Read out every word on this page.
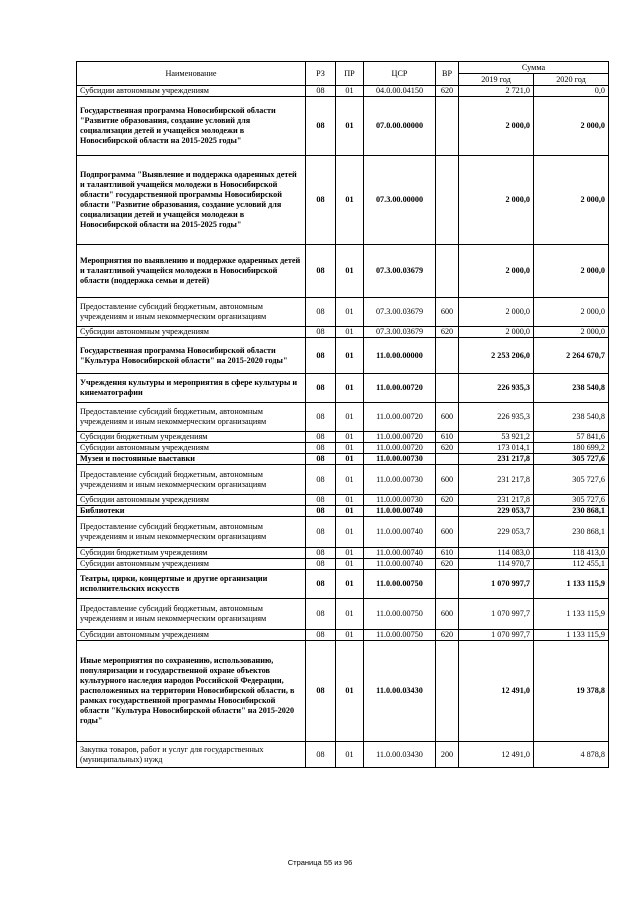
Наименование	РЗ	ПР	ЦСР	ВР	Сумма	
					2019 год	2020 год
Субсидии автономным учреждениям	08	01	04.0.00.04150	620	2 721,0	0,0
Государственная программа Новосибирской области "Развитие образования, создание условий для социализации детей и учащейся молодежи в Новосибирской области на 2015-2025 годы"	08	01	07.0.00.00000		2 000,0	2 000,0
Подпрограмма "Выявление и поддержка одаренных детей и талантливой учащейся молодежи в Новосибирской области" государственной программы Новосибирской области "Развитие образования, создание условий для социализации детей и учащейся молодежи в Новосибирской области на 2015-2025 годы"	08	01	07.3.00.00000		2 000,0	2 000,0
Мероприятия по выявлению и поддержке одаренных детей и талантливой учащейся молодежи в Новосибирской области (поддержка семьи и детей)	08	01	07.3.00.03679		2 000,0	2 000,0
Предоставление субсидий бюджетным, автономным учреждениям и иным некоммерческим организациям	08	01	07.3.00.03679	600	2 000,0	2 000,0
Субсидии автономным учреждениям	08	01	07.3.00.03679	620	2 000,0	2 000,0
Государственная программа Новосибирской области "Культура Новосибирской области" на 2015-2020 годы"	08	01	11.0.00.00000		2 253 206,0	2 264 670,7
Учреждения культуры и мероприятия в сфере культуры и кинематографии	08	01	11.0.00.00720		226 935,3	238 540,8
Предоставление субсидий бюджетным, автономным учреждениям и иным некоммерческим организациям	08	01	11.0.00.00720	600	226 935,3	238 540,8
Субсидии бюджетным учреждениям	08	01	11.0.00.00720	610	53 921,2	57 841,6
Субсидии автономным учреждениям	08	01	11.0.00.00720	620	173 014,1	180 699,2
Музеи и постоянные выставки	08	01	11.0.00.00730		231 217,8	305 727,6
Предоставление субсидий бюджетным, автономным учреждениям и иным некоммерческим организациям	08	01	11.0.00.00730	600	231 217,8	305 727,6
Субсидии автономным учреждениям	08	01	11.0.00.00730	620	231 217,8	305 727,6
Библиотеки	08	01	11.0.00.00740		229 053,7	230 868,1
Предоставление субсидий бюджетным, автономным учреждениям и иным некоммерческим организациям	08	01	11.0.00.00740	600	229 053,7	230 868,1
Субсидии бюджетным учреждениям	08	01	11.0.00.00740	610	114 083,0	118 413,0
Субсидии автономным учреждениям	08	01	11.0.00.00740	620	114 970,7	112 455,1
Театры, цирки, концертные и другие организации исполнительских искусств	08	01	11.0.00.00750		1 070 997,7	1 133 115,9
Предоставление субсидий бюджетным, автономным учреждениям и иным некоммерческим организациям	08	01	11.0.00.00750	600	1 070 997,7	1 133 115,9
Субсидии автономным учреждениям	08	01	11.0.00.00750	620	1 070 997,7	1 133 115,9
Иные мероприятия по сохранению, использованию, популяризации и государственной охране объектов культурного наследия народов Российской Федерации, расположенных на территории Новосибирской области, в рамках государственной программы Новосибирской области "Культура Новосибирской области" на 2015-2020 годы"	08	01	11.0.00.03430		12 491,0	19 378,8
Закупка товаров, работ и услуг для государственных (муниципальных) нужд	08	01	11.0.00.03430	200	12 491,0	4 878,8
Страница 55 из 96
